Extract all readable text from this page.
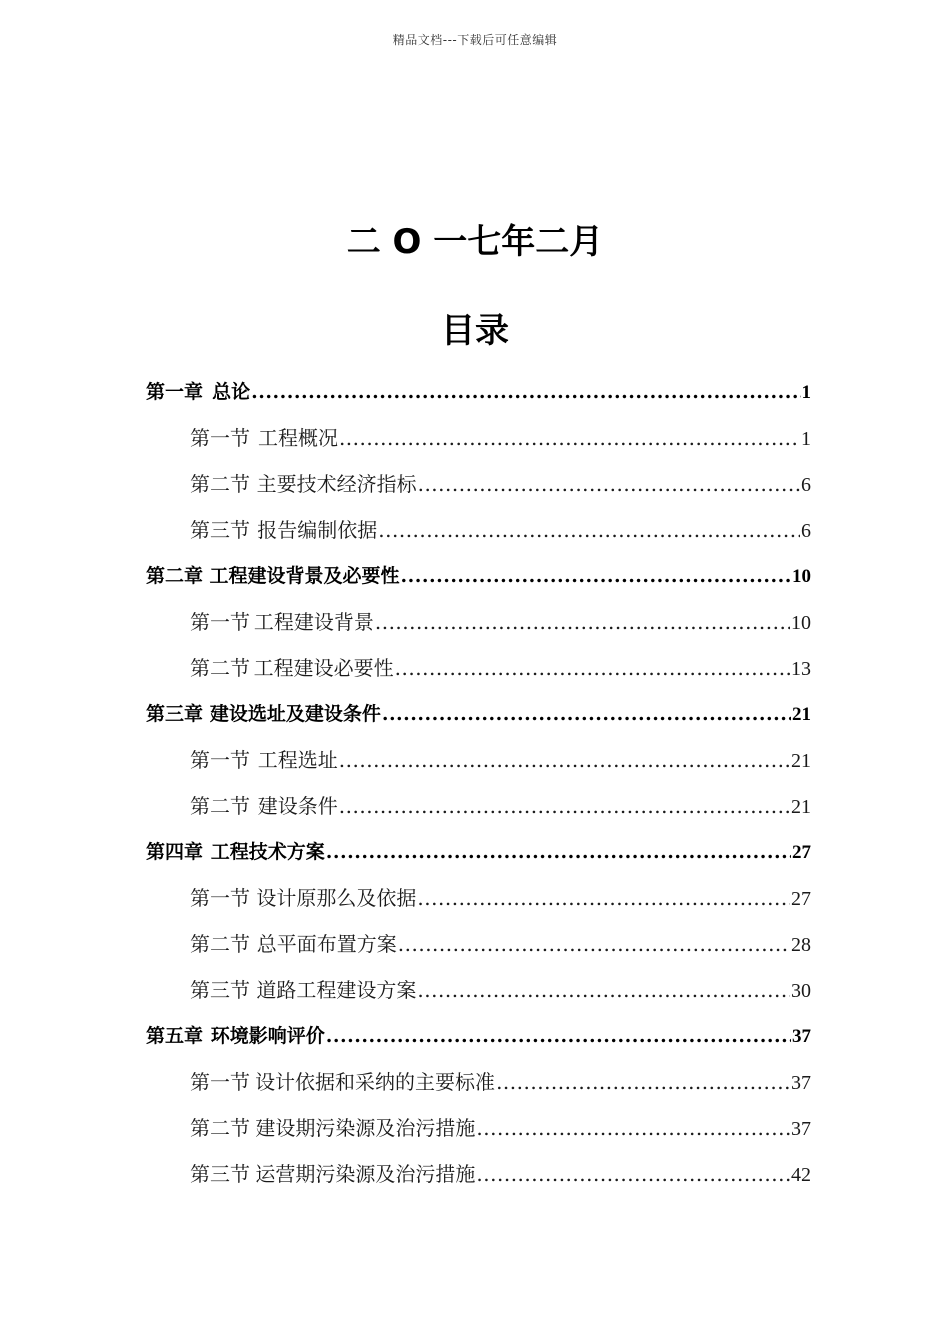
精品文档---下载后可任意编辑
二 O 一七年二月
目录
第一章 总论 .....	1
第一节 工程概况 .....	1
第二节 主要技术经济指标 .....	6
第三节 报告编制依据 .....	6
第二章 工程建设背景及必要性 .....	10
第一节 工程建设背景 .....	10
第二节 工程建设必要性 .....	13
第三章 建设选址及建设条件 .....	21
第一节 工程选址 .....	21
第二节 建设条件 .....	21
第四章 工程技术方案 .....	27
第一节 设计原那么及依据 .....	27
第二节 总平面布置方案 .....	28
第三节 道路工程建设方案 .....	30
第五章 环境影响评价 .....	37
第一节 设计依据和采纳的主要标准 .....	37
第二节 建设期污染源及治污措施 .....	37
第三节 运营期污染源及治污措施 .....	42
